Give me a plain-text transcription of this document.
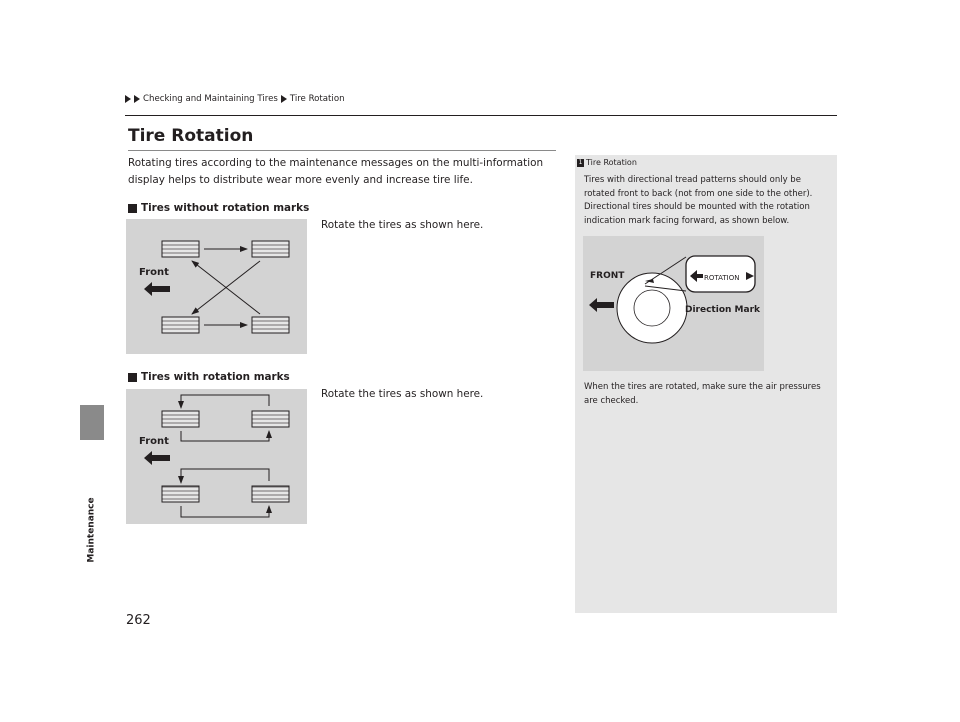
Checking and Maintaining Tires Tire Rotation
Maintenance
Tire Rotation
Rotating tires according to the maintenance messages on the multi-information display helps to distribute wear more evenly and increase tire life.
Tires without rotation marks
Rotate the tires as shown here.
Front
Tires with rotation marks
Rotate the tires as shown here.
Front
1 Tire Rotation
Tires with directional tread patterns should only be rotated front to back (not from one side to the other). Directional tires should be mounted with the rotation indication mark facing forward, as shown below.
ROTATION
FRONT
Direction Mark
When the tires are rotated, make sure the air pressures are checked.
262
